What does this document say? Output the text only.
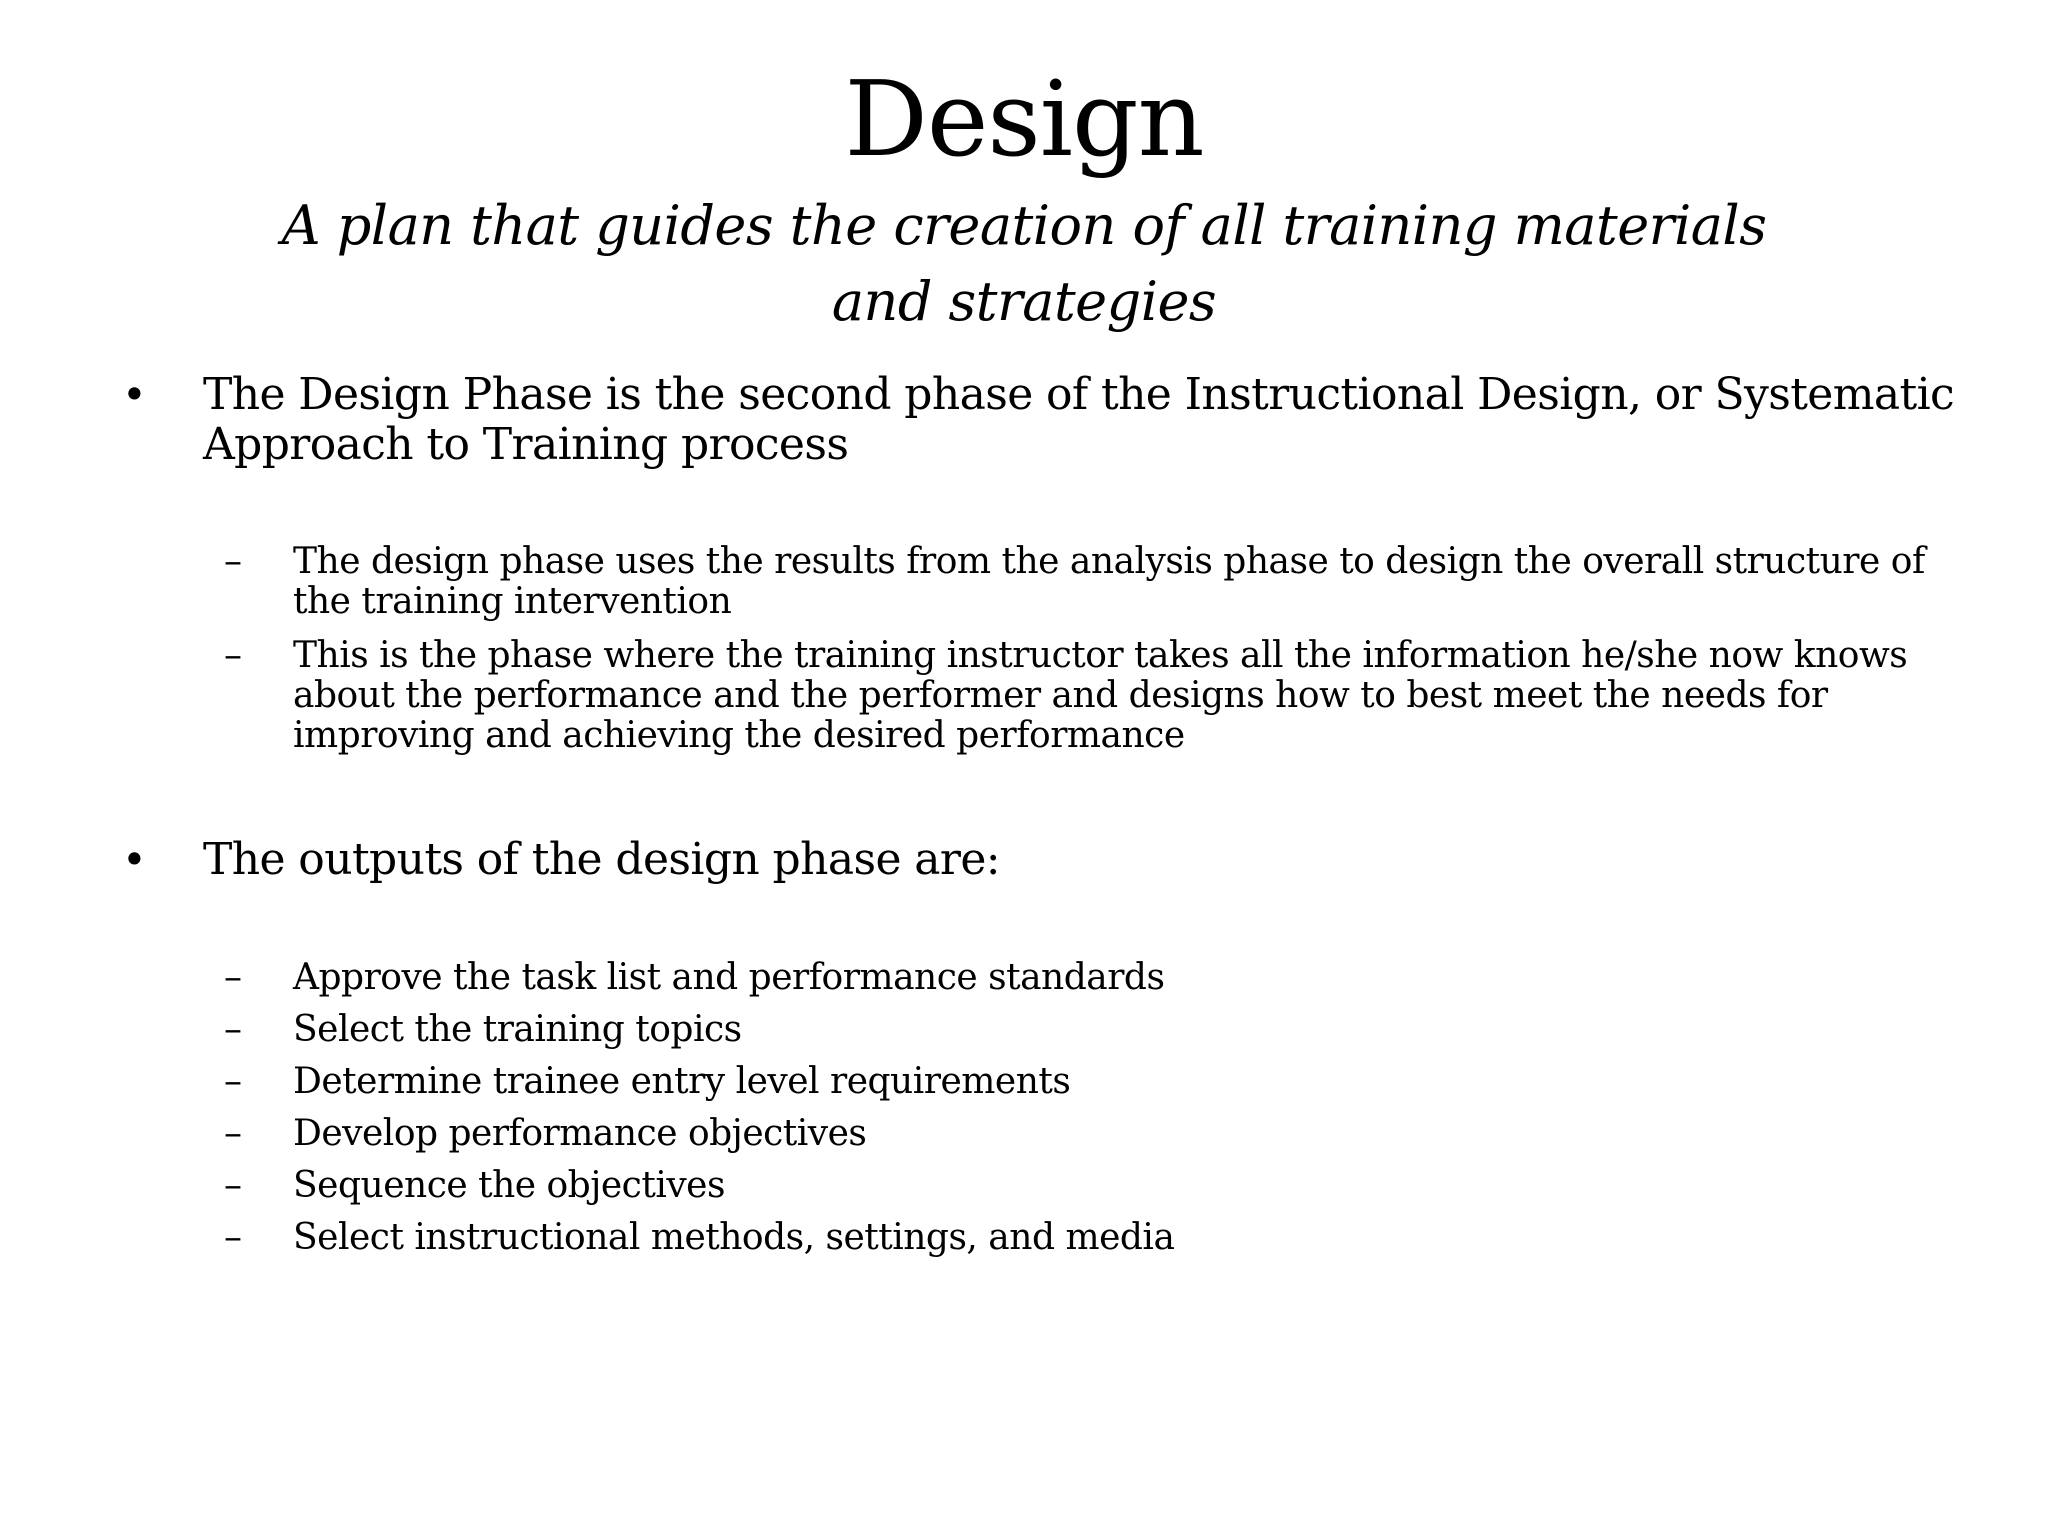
Design
A plan that guides the creation of all training materials and strategies
• The Design Phase is the second phase of the Instructional Design, or Systematic Approach to Training process
– The design phase uses the results from the analysis phase to design the overall structure of the training intervention
– This is the phase where the training instructor takes all the information he/she now knows about the performance and the performer and designs how to best meet the needs for improving and achieving the desired performance
• The outputs of the design phase are:
– Approve the task list and performance standards
– Select the training topics
– Determine trainee entry level requirements
– Develop performance objectives
– Sequence the objectives
– Select instructional methods, settings, and media
